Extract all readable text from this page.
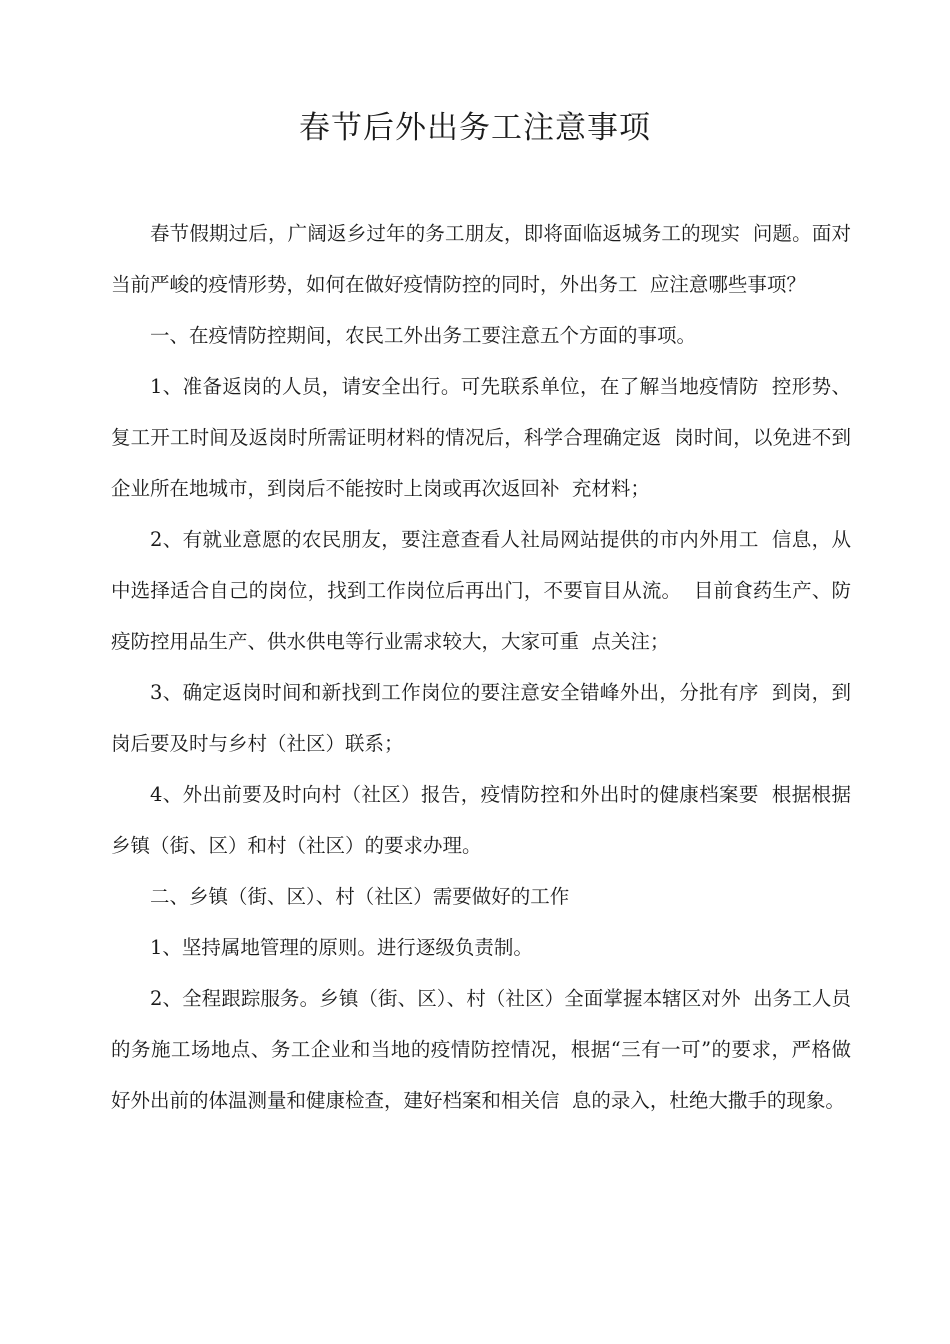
春节后外出务工注意事项

春节假期过后，广阔返乡过年的务工朋友，即将面临返城务工的现实  问题。面对当前严峻的疫情形势，如何在做好疫情防控的同时，外出务工  应注意哪些事项？

一、在疫情防控期间，农民工外出务工要注意五个方面的事项。

1、准备返岗的人员，请安全出行。可先联系单位，在了解当地疫情防  控形势、复工开工时间及返岗时所需证明材料的情况后，科学合理确定返  岗时间，以免进不到企业所在地城市，到岗后不能按时上岗或再次返回补  充材料；

2、有就业意愿的农民朋友，要注意查看人社局网站提供的市内外用工  信息，从中选择适合自己的岗位，找到工作岗位后再出门，不要盲目从流。  目前食药生产、防疫防控用品生产、供水供电等行业需求较大，大家可重  点关注；

3、确定返岗时间和新找到工作岗位的要注意安全错峰外出，分批有序  到岗，到岗后要及时与乡村（社区）联系；

4、外出前要及时向村（社区）报告，疫情防控和外出时的健康档案要  根据根据乡镇（街、区）和村（社区）的要求办理。

二、乡镇（街、区）、村（社区）需要做好的工作

1、坚持属地管理的原则。进行逐级负责制。

2、全程跟踪服务。乡镇（街、区）、村（社区）全面掌握本辖区对外  出务工人员的务施工场地点、务工企业和当地的疫情防控情况，根据“三有一可”的要求，严格做好外出前的体温测量和健康检查，建好档案和相关信  息的录入，杜绝大撒手的现象。
